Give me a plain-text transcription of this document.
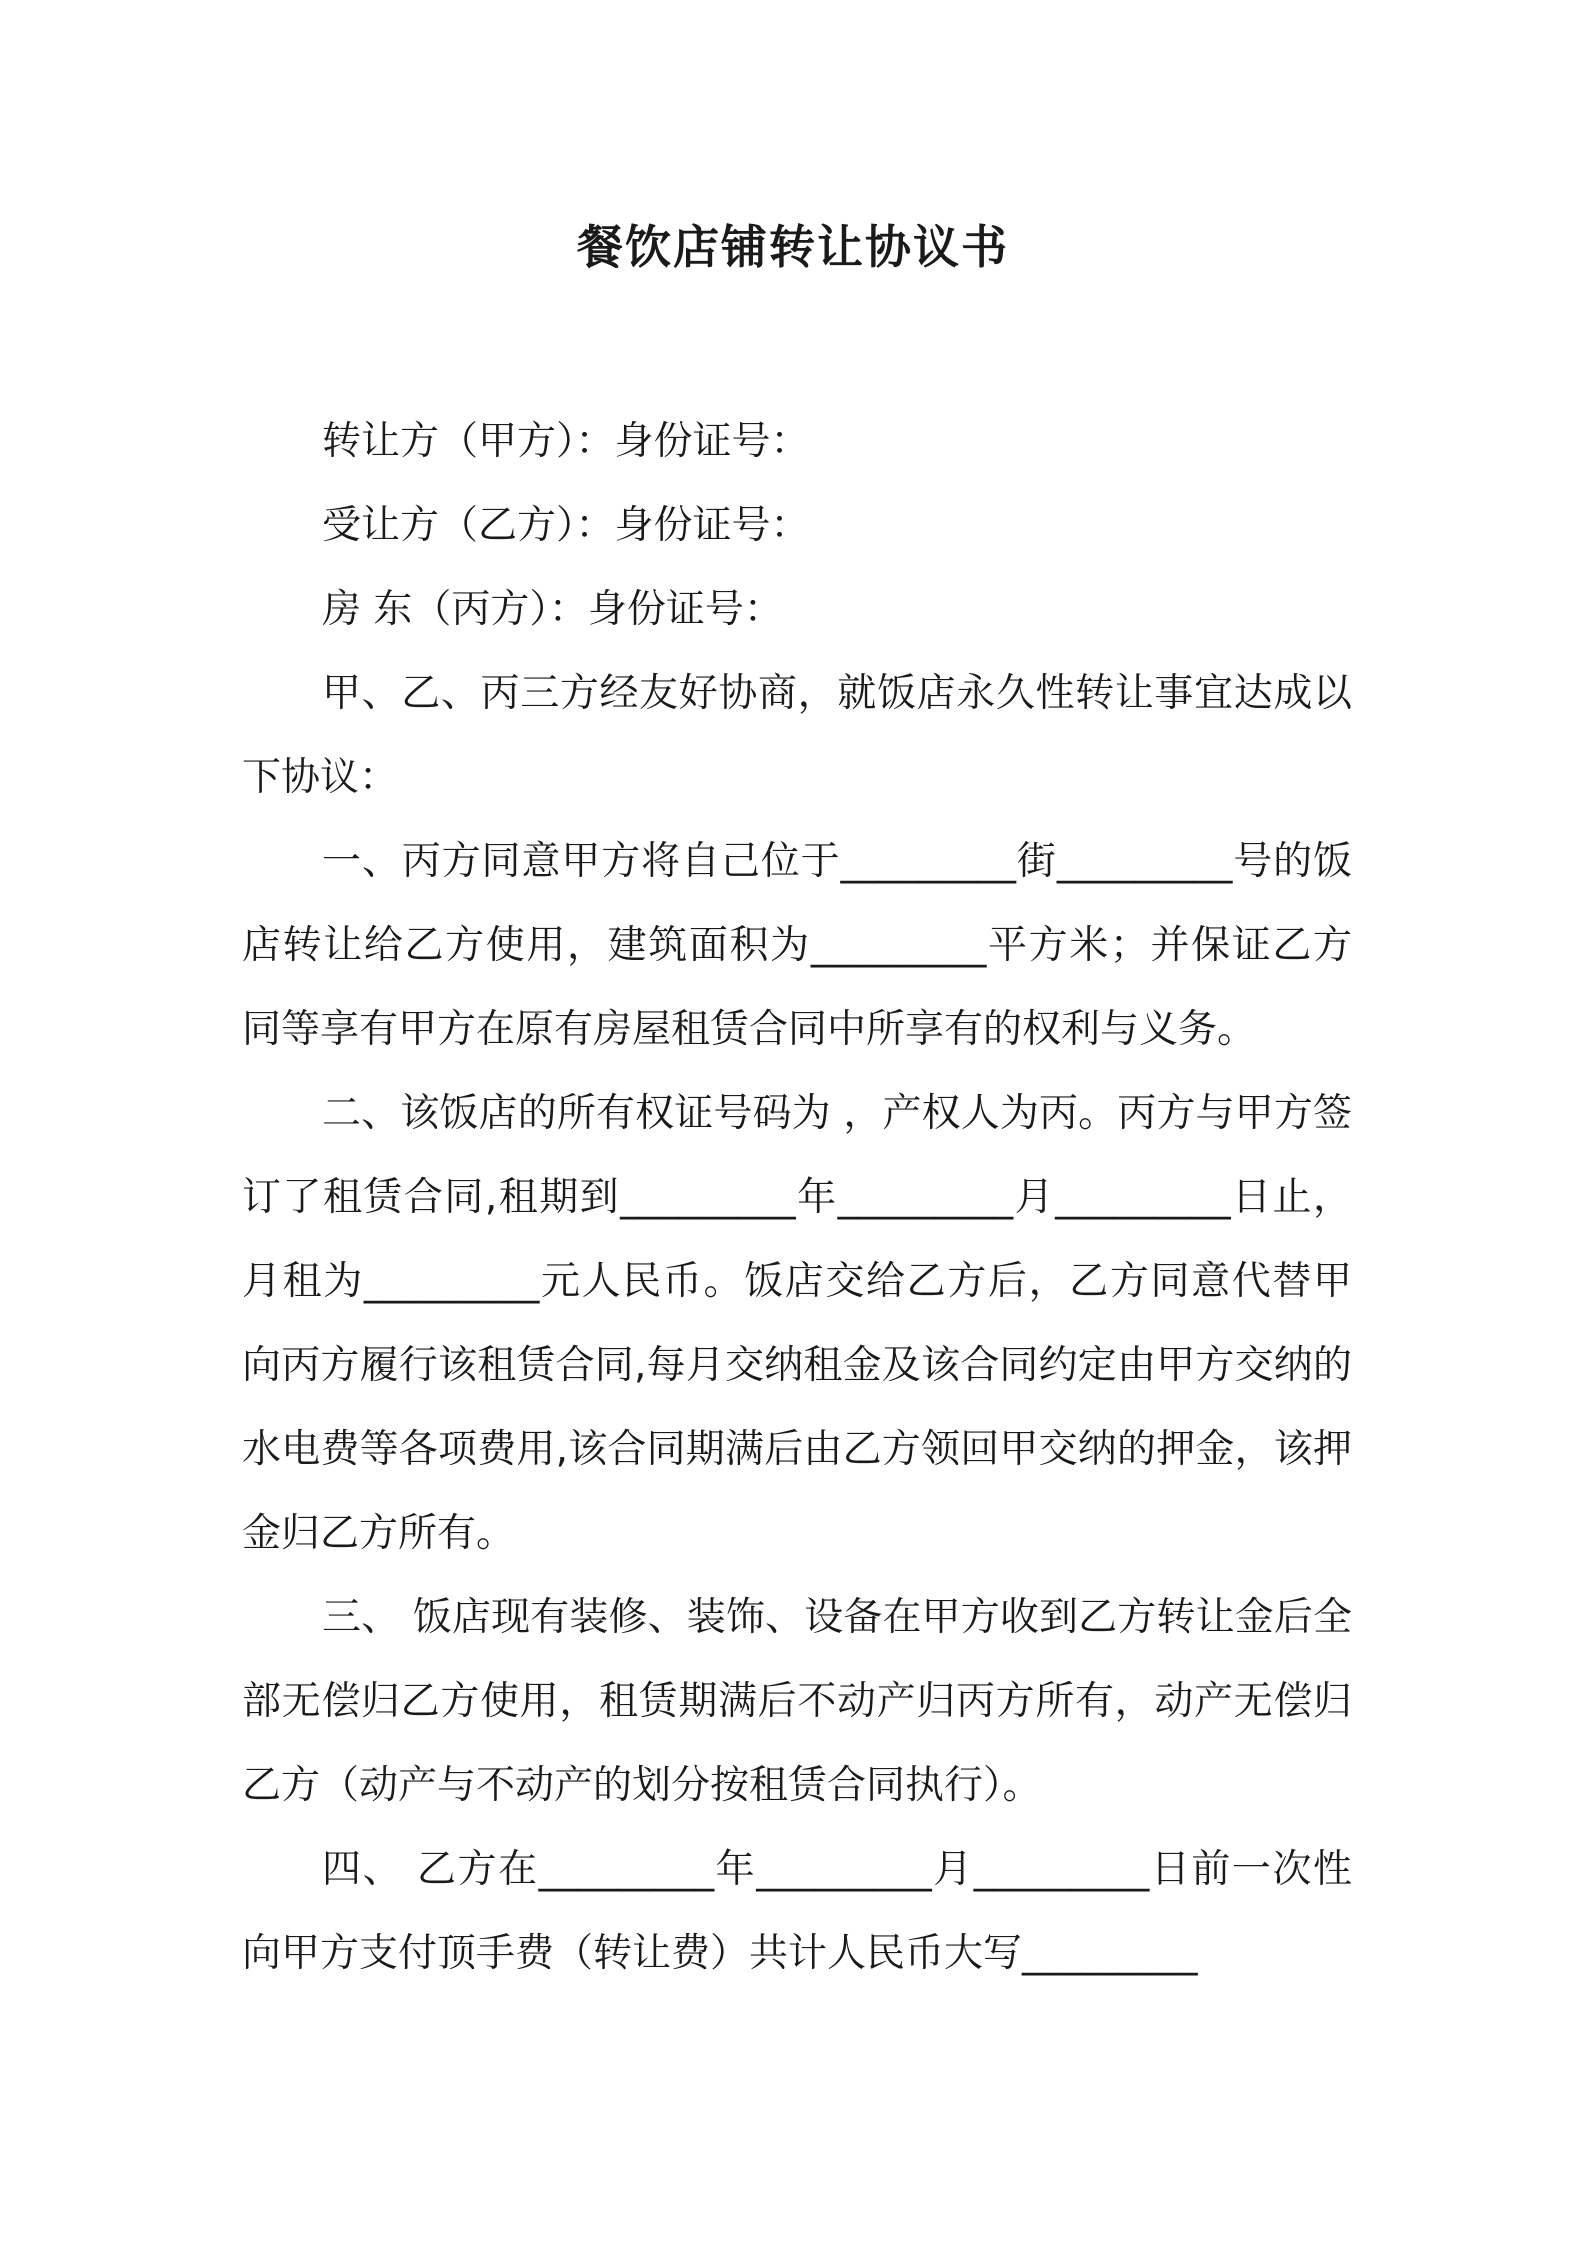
餐饮店铺转让协议书

转让方（甲方）：身份证号：

受让方（乙方）：身份证号：

房 东（丙方）：身份证号：

甲、乙、丙三方经友好协商，就饭店永久性转让事宜达成以下协议：

一、丙方同意甲方将自己位于_________街_________号的饭店转让给乙方使用，建筑面积为_________平方米；并保证乙方同等享有甲方在原有房屋租赁合同中所享有的权利与义务。

二、该饭店的所有权证号码为 ，产权人为丙。丙方与甲方签订了租赁合同,租期到_________年_________月_________日止，月租为_________元人民币。饭店交给乙方后，乙方同意代替甲向丙方履行该租赁合同,每月交纳租金及该合同约定由甲方交纳的水电费等各项费用,该合同期满后由乙方领回甲交纳的押金，该押金归乙方所有。

三、 饭店现有装修、装饰、设备在甲方收到乙方转让金后全部无偿归乙方使用，租赁期满后不动产归丙方所有，动产无偿归乙方（动产与不动产的划分按租赁合同执行）。

四、 乙方在_________年_________月_________日前一次性向甲方支付顶手费（转让费）共计人民币大写_________
